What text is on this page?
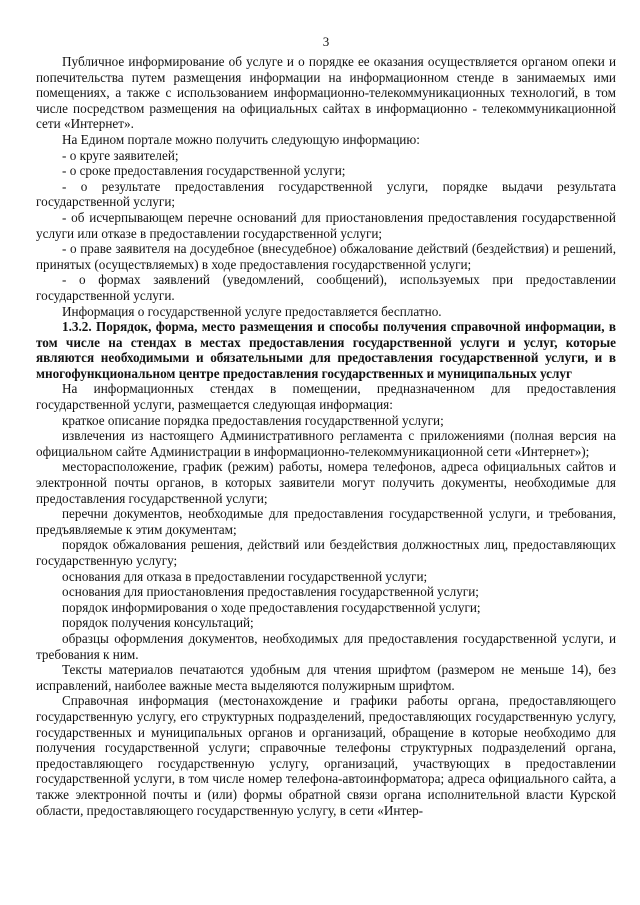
3

Публичное информирование об услуге и о порядке ее оказания осуществляется органом опеки и попечительства путем размещения информации на информационном стенде в занимаемых ими помещениях, а также с использованием информационно-телекоммуникационных технологий, в том числе посредством размещения на официальных сайтах в информационно - телекоммуникационной сети «Интернет».

На Едином портале можно получить следующую информацию:

- о круге заявителей;

- о сроке предоставления государственной услуги;

- о результате предоставления государственной услуги, порядке выдачи результата государственной услуги;

- об исчерпывающем перечне оснований для приостановления предоставления государственной услуги или отказе в предоставлении государственной услуги;

- о праве заявителя на досудебное (внесудебное) обжалование действий (бездействия) и решений, принятых (осуществляемых) в ходе предоставления государственной услуги;

- о формах заявлений (уведомлений, сообщений), используемых при предоставлении государственной услуги.

Информация о государственной услуге предоставляется бесплатно.

1.3.2. Порядок, форма, место размещения и способы получения справочной информации, в том числе на стендах в местах предоставления государственной услуги и услуг, которые являются необходимыми и обязательными для предоставления государственной услуги, и в многофункциональном центре предоставления государственных и муниципальных услуг

На информационных стендах в помещении, предназначенном для предоставления государственной услуги, размещается следующая информация:

краткое описание порядка предоставления государственной услуги;

извлечения из настоящего Административного регламента с приложениями (полная версия на официальном сайте Администрации в информационно-телекоммуникационной сети «Интернет»);

месторасположение, график (режим) работы, номера телефонов, адреса официальных сайтов и электронной почты органов, в которых заявители могут получить документы, необходимые для предоставления государственной услуги;

перечни документов, необходимые для предоставления государственной услуги, и требования, предъявляемые к этим документам;

порядок обжалования решения, действий или бездействия должностных лиц, предоставляющих государственную услугу;

основания для отказа в предоставлении государственной услуги;

основания для приостановления предоставления государственной услуги;

порядок информирования о ходе предоставления государственной услуги;

порядок получения консультаций;

образцы оформления документов, необходимых для предоставления государственной услуги, и требования к ним.

Тексты материалов печатаются удобным для чтения шрифтом (размером не меньше 14), без исправлений, наиболее важные места выделяются полужирным шрифтом.

Справочная информация (местонахождение и графики работы органа, предоставляющего государственную услугу, его структурных подразделений, предоставляющих государственную услугу, государственных и муниципальных органов и организаций, обращение в которые необходимо для получения государственной услуги; справочные телефоны структурных подразделений органа, предоставляющего государственную услугу, организаций, участвующих в предоставлении государственной услуги, в том числе номер телефона-автоинформатора; адреса официального сайта, а также электронной почты и (или) формы обратной связи органа исполнительной власти Курской области, предоставляющего государственную услугу, в сети «Интер-
